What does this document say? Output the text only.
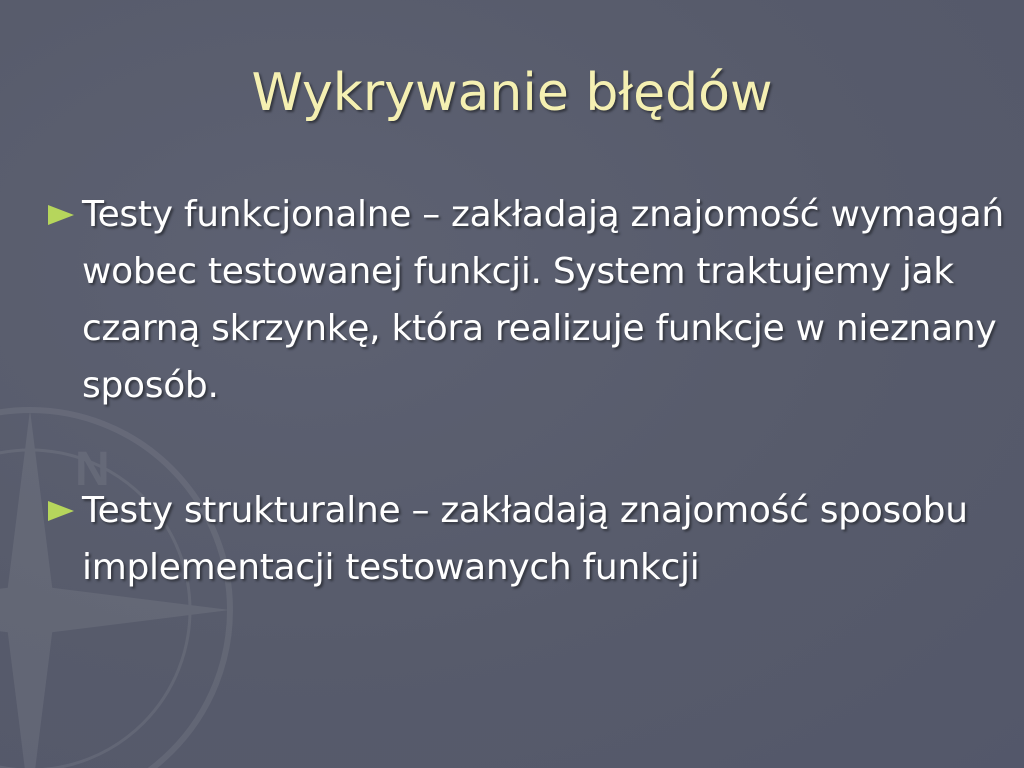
N
Wykrywanie błędów
Testy funkcjonalne – zakładają znajomość wymagań wobec testowanej funkcji. System traktujemy jak czarną skrzynkę, która realizuje funkcje w nieznany sposób.
Testy strukturalne – zakładają znajomość sposobu implementacji testowanych funkcji
